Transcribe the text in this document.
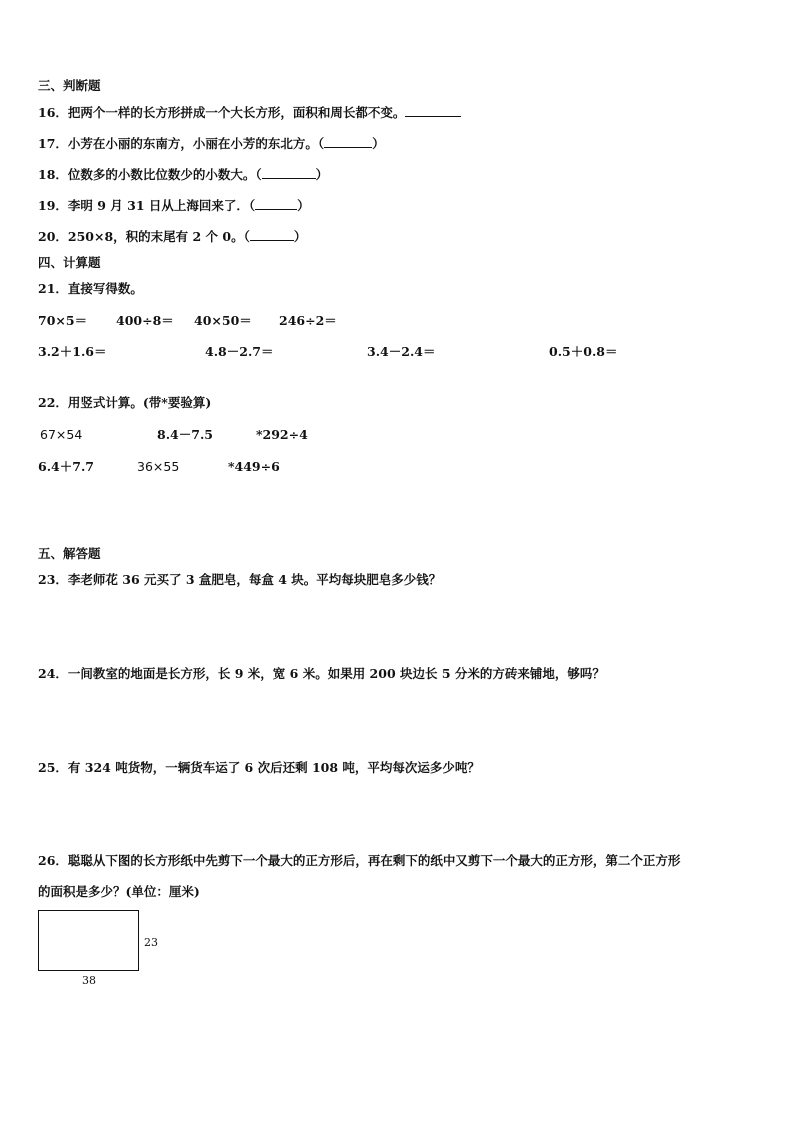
三、判断题
16．把两个一样的长方形拼成一个大长方形，面积和周长都不变。
17．小芳在小丽的东南方，小丽在小芳的东北方。（	）
18．位数多的小数比位数少的小数大。（	）
19．李明 9 月 31 日从上海回来了．（	）
20．250×8，积的末尾有 2 个 0。（	）
四、计算题
21．直接写得数。
70×5＝ 400÷8＝ 40×50＝ 246÷2＝
3.2＋1.6＝	4.8－2.7＝	3.4－2.4＝	0.5＋0.8＝
22．用竖式计算。(带*要验算)
67×54	8.4－7.5	*292÷4
6.4＋7.7	36×55	*449÷6
五、解答题
23．李老师花 36 元买了 3 盒肥皂，每盒 4 块。平均每块肥皂多少钱？
24．一间教室的地面是长方形，长 9 米，宽 6 米。如果用 200 块边长 5 分米的方砖来铺地，够吗？
25．有 324 吨货物，一辆货车运了 6 次后还剩 108 吨，平均每次运多少吨？
26．聪聪从下图的长方形纸中先剪下一个最大的正方形后，再在剩下的纸中又剪下一个最大的正方形，第二个正方形
的面积是多少？(单位：厘米)
23
38
